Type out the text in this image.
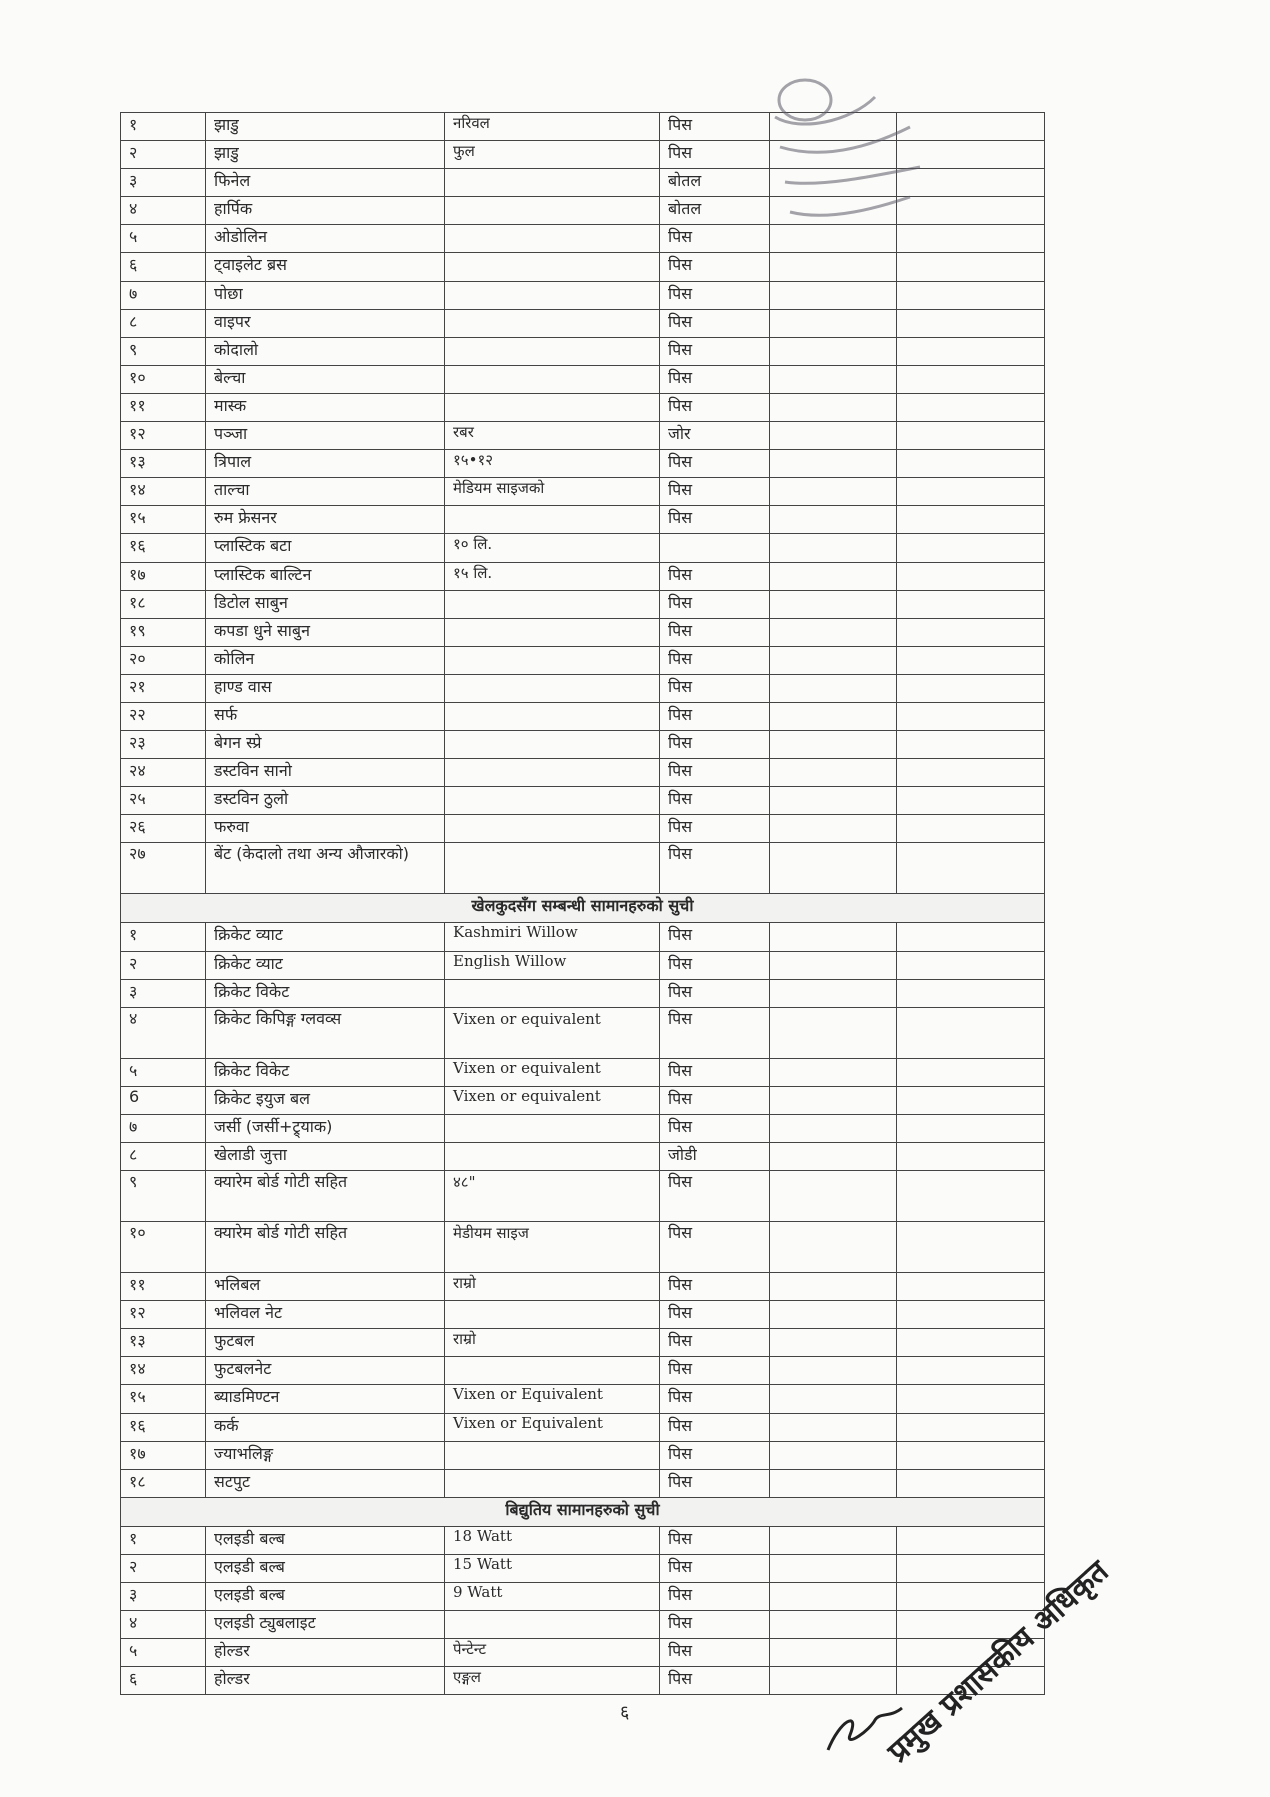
१	झाडु	नरिवल	पिस		
२	झाडु	फुल	पिस		
३	फिनेल		बोतल		
४	हार्पिक		बोतल		
५	ओडोलिन		पिस		
६	ट्वाइलेट ब्रस		पिस		
७	पोछा		पिस		
८	वाइपर		पिस		
९	कोदालो		पिस		
१०	बेल्चा		पिस		
११	मास्क		पिस		
१२	पञ्जा	रबर	जोर		
१३	त्रिपाल	१५•१२	पिस		
१४	ताल्चा	मेडियम साइजको	पिस		
१५	रुम फ्रेसनर		पिस		
१६	प्लास्टिक बटा	१० लि.			
१७	प्लास्टिक बाल्टिन	१५ लि.	पिस		
१८	डिटोल साबुन		पिस		
१९	कपडा धुने साबुन		पिस		
२०	कोलिन		पिस		
२१	हाण्ड वास		पिस		
२२	सर्फ		पिस		
२३	बेगन स्प्रे		पिस		
२४	डस्टविन सानो		पिस		
२५	डस्टविन ठुलो		पिस		
२६	फरुवा		पिस		
२७	बेंट (केदालो तथा अन्य औजारको)		पिस		
खेलकुदसँग सम्बन्धी सामानहरुको सुची					
१	क्रिकेट व्याट	Kashmiri Willow	पिस		
२	क्रिकेट व्याट	English Willow	पिस		
३	क्रिकेट विकेट		पिस		
४	क्रिकेट किपिङ्ग ग्लवव्स	Vixen or equivalent	पिस		
५	क्रिकेट विकेट	Vixen or equivalent	पिस		
6	क्रिकेट इयुज बल	Vixen or equivalent	पिस		
७	जर्सी (जर्सी+ट्र्याक)		पिस		
८	खेलाडी जुत्ता		जोडी		
९	क्यारेम बोर्ड गोटी सहित	४८"	पिस		
१०	क्यारेम बोर्ड गोटी सहित	मेडीयम साइज	पिस		
११	भलिबल	राम्रो	पिस		
१२	भलिवल नेट		पिस		
१३	फुटबल	राम्रो	पिस		
१४	फुटबलनेट		पिस		
१५	ब्याडमिण्टन	Vixen or Equivalent	पिस		
१६	कर्क	Vixen or Equivalent	पिस		
१७	ज्याभलिङ्ग		पिस		
१८	सटपुट		पिस		
बिद्युतिय सामानहरुको सुची					
१	एलइडी बल्ब	18 Watt	पिस		
२	एलइडी बल्ब	15 Watt	पिस		
३	एलइडी बल्ब	9 Watt	पिस		
४	एलइडी ट्युबलाइट		पिस		
५	होल्डर	पेन्टेन्ट	पिस		
६	होल्डर	एङ्गल	पिस			प्रमुख प्रशासकीय अधिकृत
६
